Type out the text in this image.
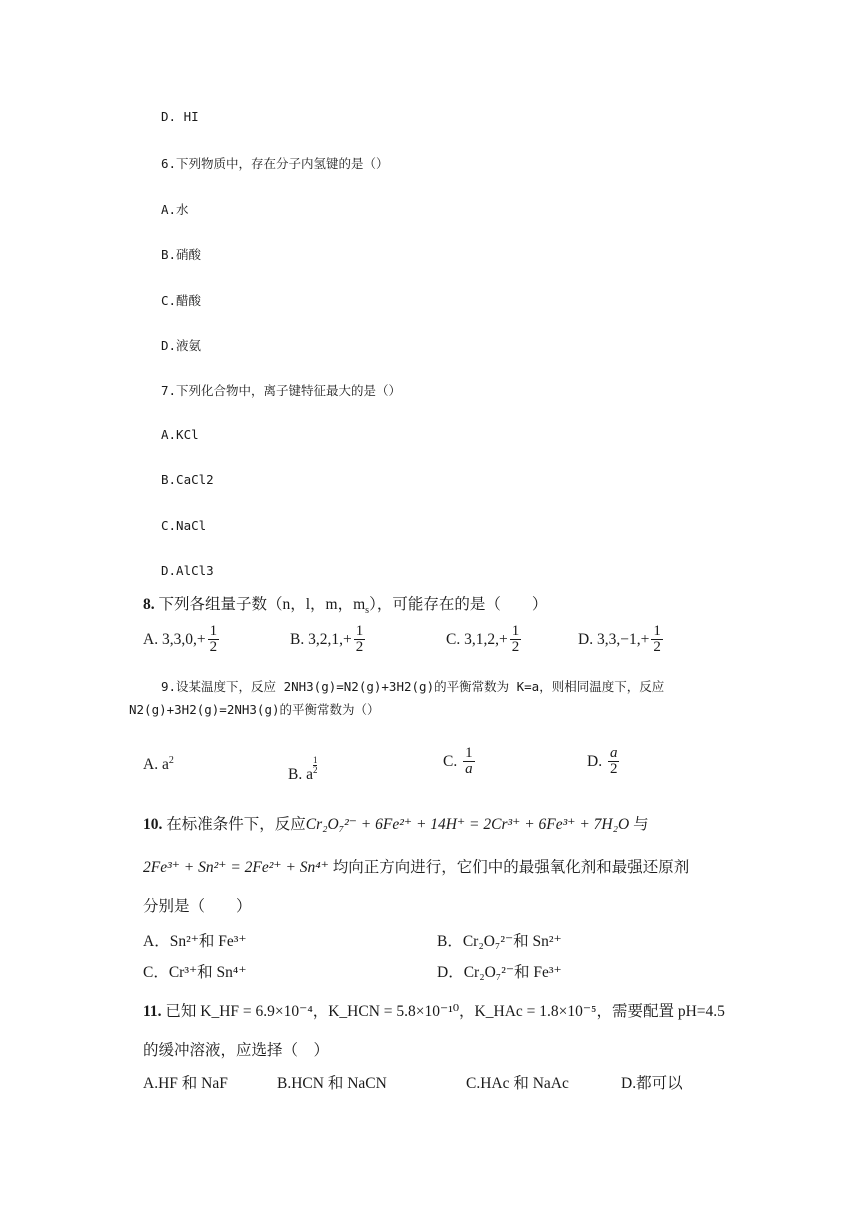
D. HI
6.下列物质中，存在分子内氢键的是（）
A.水
B.硝酸
C.醋酸
D.液氨
7.下列化合物中，离子键特征最大的是（）
A.KCl
B.CaCl2
C.NaCl
D.AlCl3
8. 下列各组量子数（n，l，m，$m_s$），可能存在的是（　　）
A. $3,3,0,+ \frac{1}{2}$	B. $3,2,1,+ \frac{1}{2}$	C. $3,1,2,+ \frac{1}{2}$	D. $3,3,-1,+ \frac{1}{2}$
9.设某温度下，反应 2NH3(g)=N2(g)+3H2(g)的平衡常数为 K=a，则相同温度下，反应
N2(g)+3H2(g)=2NH3(g)的平衡常数为（）
A. $a^2$
B. a $\frac{1}{2}$	C. $\frac{1}{a}$	D. $\frac{a}{2}$
10. 在标准条件下，反应Cr₂O₇²⁻ + 6Fe²⁺ + 14H⁺ = 2Cr³⁺ + 6Fe³⁺ + 7H₂O 与
2Fe³⁺ + Sn²⁺ = 2Fe²⁺ + Sn⁴⁺ 均向正方向进行，它们中的最强氧化剂和最强还原剂
分别是（　　）
A．Sn²⁺和 Fe³⁺	B．Cr₂O₇²⁻和 Sn²⁺
C．Cr³⁺和 Sn⁴⁺	D．Cr₂O₇²⁻和 Fe³⁺
11. 已知 K_HF = 6.9×10⁻⁴，K_HCN = 5.8×10⁻¹⁰，K_HAc = 1.8×10⁻⁵，需要配置 pH=4.5
的缓冲溶液，应选择（　）
A.HF 和 NaF	B.HCN 和 NaCN	C.HAc 和 NaAc	D.都可以
